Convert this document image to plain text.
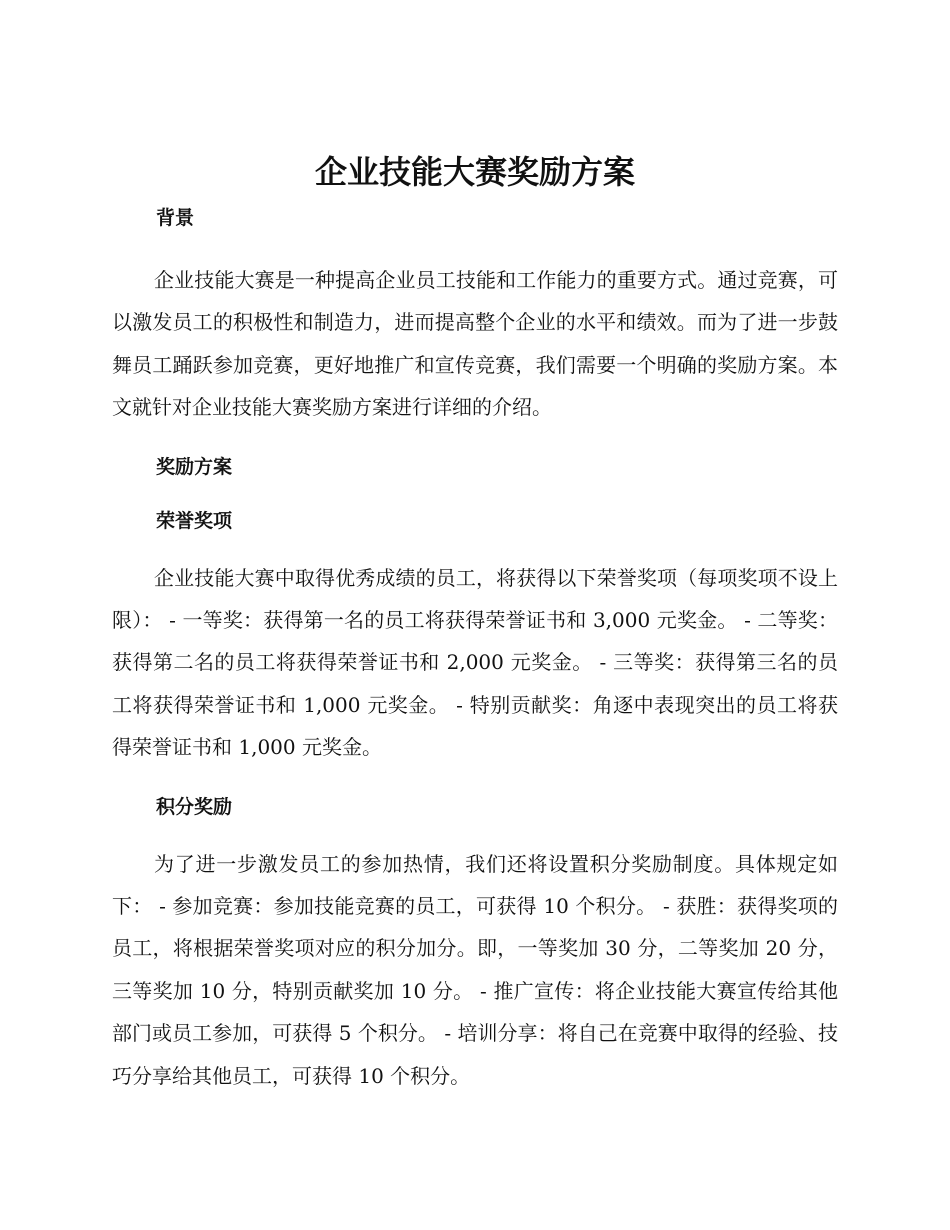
企业技能大赛奖励方案
背景

企业技能大赛是一种提高企业员工技能和工作能力的重要方式。通过竞赛，可以激发员工的积极性和制造力，进而提高整个企业的水平和绩效。而为了进一步鼓舞员工踊跃参加竞赛，更好地推广和宣传竞赛，我们需要一个明确的奖励方案。本文就针对企业技能大赛奖励方案进行详细的介绍。

奖励方案
荣誉奖项

企业技能大赛中取得优秀成绩的员工，将获得以下荣誉奖项（每项奖项不设上限）： - 一等奖：获得第一名的员工将获得荣誉证书和 3,000 元奖金。 - 二等奖：获得第二名的员工将获得荣誉证书和 2,000 元奖金。 - 三等奖：获得第三名的员工将获得荣誉证书和 1,000 元奖金。 - 特别贡献奖：角逐中表现突出的员工将获得荣誉证书和 1,000 元奖金。

积分奖励

为了进一步激发员工的参加热情，我们还将设置积分奖励制度。具体规定如下： - 参加竞赛：参加技能竞赛的员工，可获得 10 个积分。 - 获胜：获得奖项的员工，将根据荣誉奖项对应的积分加分。即，一等奖加 30 分，二等奖加 20 分，三等奖加 10 分，特别贡献奖加 10 分。 - 推广宣传：将企业技能大赛宣传给其他部门或员工参加，可获得 5 个积分。 - 培训分享：将自己在竞赛中取得的经验、技巧分享给其他员工，可获得 10 个积分。
